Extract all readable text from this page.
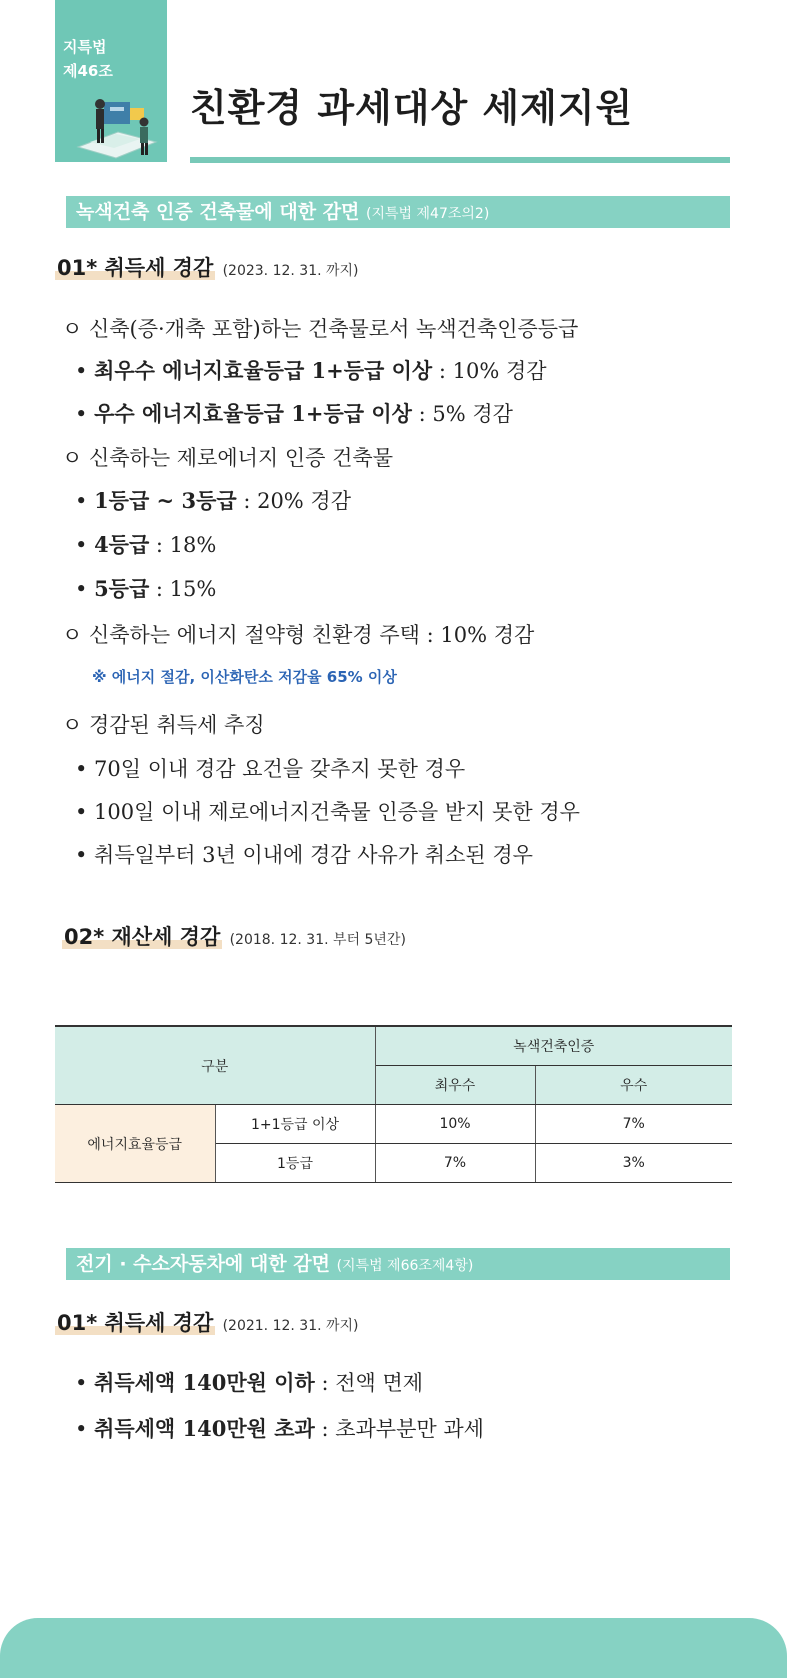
지특법
제46조
친환경 과세대상 세제지원
녹색건축 인증 건축물에 대한 감면 (지특법 제47조의2)
01* 취득세 경감 (2023. 12. 31. 까지)
ㅇ 신축(증·개축 포함)하는 건축물로서 녹색건축인증등급
• 최우수 에너지효율등급 1+등급 이상 : 10% 경감
• 우수 에너지효율등급 1+등급 이상 : 5% 경감
ㅇ 신축하는 제로에너지 인증 건축물
• 1등급 ~ 3등급 : 20% 경감
• 4등급 : 18%
• 5등급 : 15%
ㅇ 신축하는 에너지 절약형 친환경 주택 : 10% 경감
※ 에너지 절감, 이산화탄소 저감율 65% 이상
ㅇ 경감된 취득세 추징
• 70일 이내 경감 요건을 갖추지 못한 경우
• 100일 이내 제로에너지건축물 인증을 받지 못한 경우
• 취득일부터 3년 이내에 경감 사유가 취소된 경우
02* 재산세 경감 (2018. 12. 31. 부터 5년간)
구분		녹색건축인증	
		최우수	우수
에너지효율등급	1+1등급 이상	10%	7%
	1등급	7%	3%
전기 · 수소자동차에 대한 감면 (지특법 제66조제4항)
01* 취득세 경감 (2021. 12. 31. 까지)
• 취득세액 140만원 이하 : 전액 면제
• 취득세액 140만원 초과 : 초과부분만 과세
